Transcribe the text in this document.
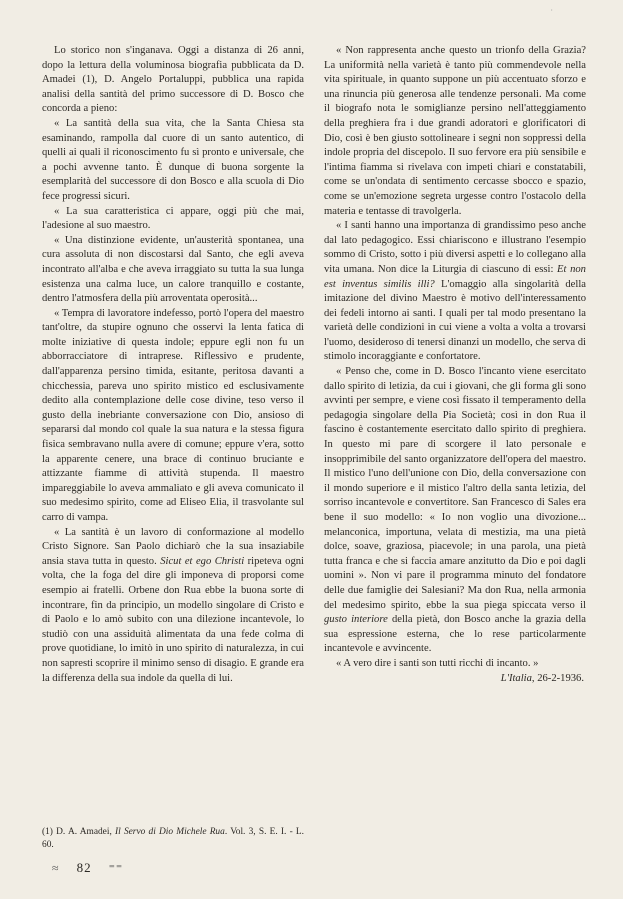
·

Lo storico non s'inganava. Oggi a distanza di 26 anni, dopo la lettura della voluminosa biografia pubblicata da D. Amadei (1), D. Angelo Portaluppi, pubblica una rapida analisi della santità del primo successore di D. Bosco che concorda a pieno:

« La santità della sua vita, che la Santa Chiesa sta esaminando, rampolla dal cuore di un santo autentico, di quelli ai quali il riconoscimento fu sì pronto e universale, che a pochi avvenne tanto. È dunque di buona sorgente la esemplarità del successore di don Bosco e alla scuola di Dio fece progressi sicuri.

« La sua caratteristica ci appare, oggi più che mai, l'adesione al suo maestro.

« Una distinzione evidente, un'austerità spontanea, una cura assoluta di non discostarsi dal Santo, che egli aveva incontrato all'alba e che aveva irraggiato su tutta la sua lunga esistenza una calma luce, un calore tranquillo e costante, dentro l'atmosfera della più arroventata operosità...

« Tempra di lavoratore indefesso, portò l'opera del maestro tant'oltre, da stupire ognuno che osservi la lenta fatica di molte iniziative di questa indole; eppure egli non fu un abborracciatore di intraprese. Riflessivo e prudente, dall'apparenza persino timida, esitante, peritosa davanti a chicchessia, pareva uno spirito mistico ed esclusivamente dedito alla contemplazione delle cose divine, teso verso il gusto della inebriante conversazione con Dio, ansioso di separarsi dal mondo col quale la sua natura e la stessa figura fisica sembravano nulla avere di comune; eppure v'era, sotto la apparente cenere, una brace di continuo bruciante e attizzante fiamme di attività stupenda. Il maestro impareggiabile lo aveva ammaliato e gli aveva comunicato il suo medesimo spirito, come ad Eliseo Elia, il trasvolante sul carro di vampa.

« La santità è un lavoro di conformazione al modello Cristo Signore. San Paolo dichiarò che la sua insaziabile ansia stava tutta in questo. Sicut et ego Christi ripeteva ogni volta, che la foga del dire gli imponeva di proporsi come esempio ai fratelli. Orbene don Rua ebbe la buona sorte di incontrare, fin da principio, un modello singolare di Cristo e di Paolo e lo amò subito con una dilezione incantevole, lo studiò con una assiduità alimentata da una fede colma di prove quotidiane, lo imitò in uno spirito di naturalezza, in cui non sapresti scoprire il minimo senso di disagio. E grande era la differenza della sua indole da quella di lui.

(1) D. A. Amadei, Il Servo di Dio Michele Rua. Vol. 3, S. E. I. - L. 60.

≈ 82 ⁼⁼

« Non rappresenta anche questo un trionfo della Grazia? La uniformità nella varietà è tanto più commendevole nella vita spirituale, in quanto suppone un più accentuato sforzo e una rinuncia più generosa alle tendenze personali. Ma come il biografo nota le somiglianze persino nell'atteggiamento della preghiera fra i due grandi adoratori e glorificatori di Dio, così è ben giusto sottolineare i segni non soppressi della indole propria del discepolo. Il suo fervore era più sensibile e l'intima fiamma si rivelava con impeti chiari e constatabili, come se un'ondata di sentimento cercasse sbocco e spazio, come se un'emozione segreta urgesse contro l'ostacolo della materia e tentasse di travolgerla.

« I santi hanno una importanza di grandissimo peso anche dal lato pedagogico. Essi chiariscono e illustrano l'esempio sommo di Cristo, sotto i più diversi aspetti e lo collegano alla vita umana. Non dice la Liturgia di ciascuno di essi: Et non est inventus similis illi? L'omaggio alla singolarità della imitazione del divino Maestro è motivo dell'interessamento dei fedeli intorno ai santi. I quali per tal modo presentano la varietà delle condizioni in cui viene a volta a volta a trovarsi l'uomo, desideroso di tenersi dinanzi un modello, che serva di stimolo incoraggiante e confortatore.

« Penso che, come in D. Bosco l'incanto viene esercitato dallo spirito di letizia, da cui i giovani, che gli forma gli sono avvinti per sempre, e viene così fissato il temperamento della pedagogia singolare della Pia Società; così in don Rua il fascino è costantemente esercitato dallo spirito di preghiera. In questo mi pare di scorgere il lato personale e insopprimibile del santo organizzatore dell'opera del maestro. Il mistico l'uno dell'unione con Dio, della conversazione con il mondo superiore e il mistico l'altro della santa letizia, del sorriso incantevole e convertitore. San Francesco di Sales era bene il suo modello: « Io non voglio una divozione... melanconica, importuna, velata di mestizia, ma una pietà dolce, soave, graziosa, piacevole; in una parola, una pietà tutta franca e che si faccia amare anzitutto da Dio e poi dagli uomini ». Non vi pare il programma minuto del fondatore delle due famiglie dei Salesiani? Ma don Rua, nella armonia del medesimo spirito, ebbe la sua piega spiccata verso il gusto interiore della pietà, don Bosco anche la grazia della sua espressione esterna, che lo rese particolarmente incantevole e avvincente.

« A vero dire i santi son tutti ricchi di incanto. »

L'Italia, 26-2-1936.
